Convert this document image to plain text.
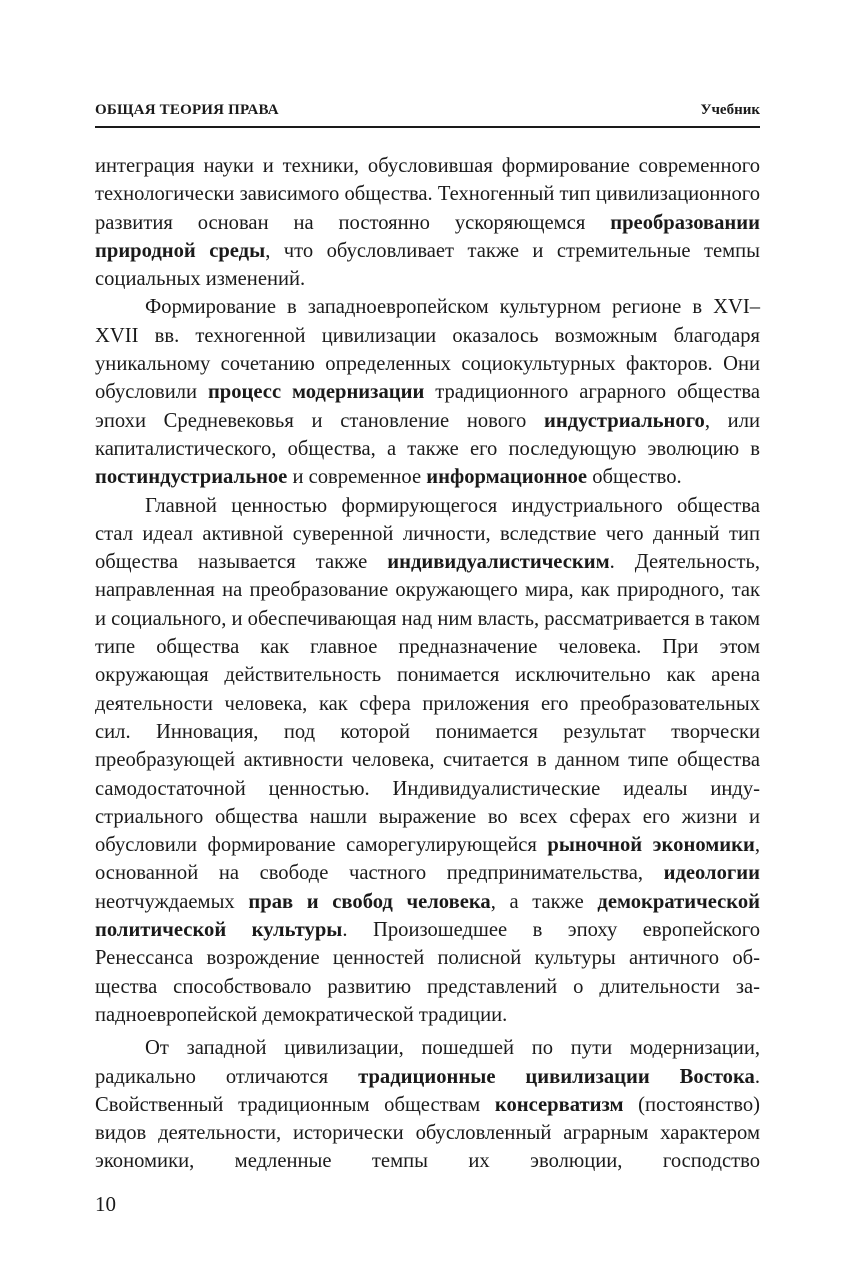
ОБЩАЯ ТЕОРИЯ ПРАВА	Учебник

интеграция науки и техники, обусловившая формирование современного технологически зависимого общества. Техногенный тип цивилизационного развития основан на постоянно ускоряющемся преобразовании природной среды, что обусловливает также и стремительные темпы социальных изменений.

Формирование в западноевропейском культурном регионе в XVI–XVII вв. техногенной цивилизации оказалось возможным благодаря уникальному сочетанию определенных социокультурных факторов. Они обусловили процесс модернизации традиционного аграрного общества эпохи Средневековья и становление нового индустриального, или капиталистического, общества, а также его последующую эволюцию в постиндустриальное и современное информационное общество.

Главной ценностью формирующегося индустриального общества стал идеал активной суверенной личности, вследствие чего данный тип общества называется также индивидуалистическим. Деятельность, направленная на преобразование окружающего мира, как природного, так и социального, и обеспечивающая над ним власть, рассматривается в таком типе общества как главное предназначение человека. При этом окружающая действительность понимается исключительно как арена деятельности человека, как сфера приложения его преобразовательных сил. Инновация, под которой понимается результат творчески преобразующей активности человека, считается в данном типе общества самодостаточной ценностью. Индивидуалистические идеалы индустриального общества нашли выражение во всех сферах его жизни и обусловили формирование саморегулирующейся рыночной экономики, основанной на свободе частного предпринимательства, идеологии неотчуждаемых прав и свобод человека, а также демократической политической культуры. Произошедшее в эпоху европейского Ренессанса возрождение ценностей полисной культуры античного общества способствовало развитию представлений о длительности западноевропейской демократической традиции.

От западной цивилизации, пошедшей по пути модернизации, радикально отличаются традиционные цивилизации Востока. Свойственный традиционным обществам консерватизм (постоянство) видов деятельности, исторически обусловленный аграрным характером экономики, медленные темпы их эволюции, господство

10
